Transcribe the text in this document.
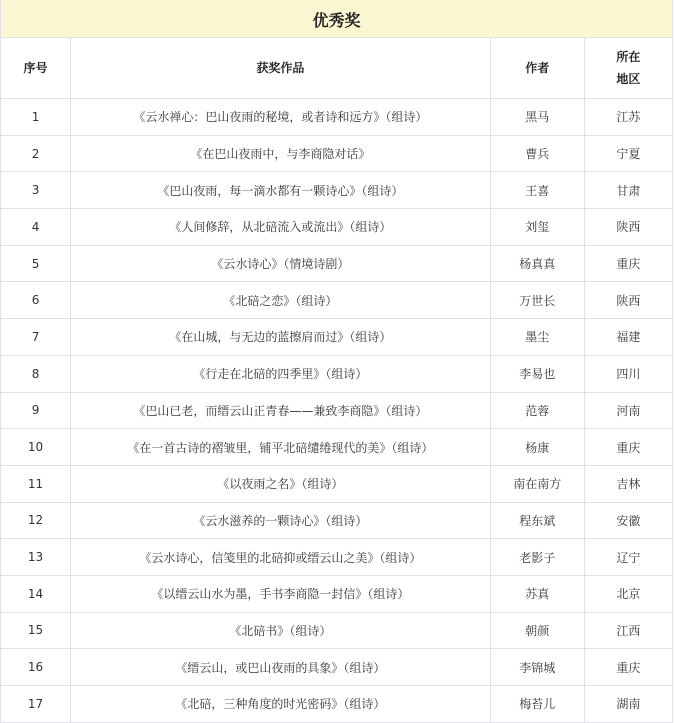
优秀奖			
序号	获奖作品	作者	所在
地区
1	《云水禅心：巴山夜雨的秘境，或者诗和远方》（组诗）	黑马	江苏
2	《在巴山夜雨中，与李商隐对话》	曹兵	宁夏
3	《巴山夜雨，每一滴水都有一颗诗心》（组诗）	王喜	甘肃
4	《人间修辞，从北碚流入或流出》（组诗）	刘玺	陕西
5	《云水诗心》（情境诗剧）	杨真真	重庆
6	《北碚之恋》（组诗）	万世长	陕西
7	《在山城，与无边的蓝擦肩而过》（组诗）	墨尘	福建
8	《行走在北碚的四季里》（组诗）	李易也	四川
9	《巴山已老，而缙云山正青春——兼致李商隐》（组诗）	范蓉	河南
10	《在一首古诗的褶皱里，铺平北碚缱绻现代的美》（组诗）	杨康	重庆
11	《以夜雨之名》（组诗）	南在南方	吉林
12	《云水滋养的一颗诗心》（组诗）	程东斌	安徽
13	《云水诗心，信笺里的北碚抑或缙云山之美》（组诗）	老影子	辽宁
14	《以缙云山水为墨，手书李商隐一封信》（组诗）	苏真	北京
15	《北碚书》（组诗）	朝颜	江西
16	《缙云山，或巴山夜雨的具象》（组诗）	李锦城	重庆
17	《北碚，三种角度的时光密码》（组诗）	梅苔儿	湖南
